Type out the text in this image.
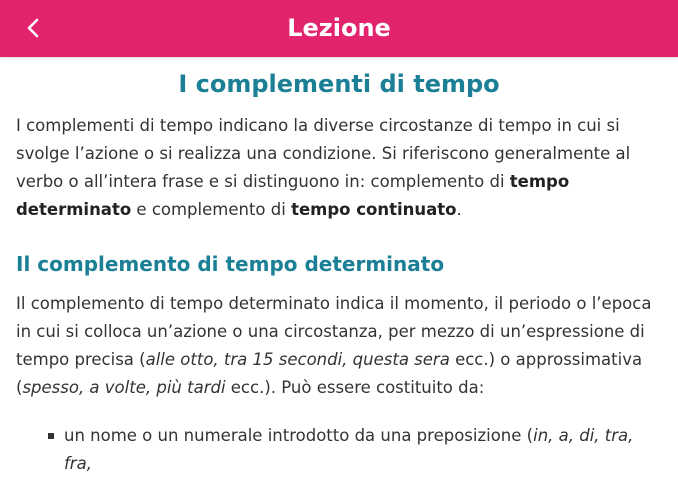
Lezione
I complementi di tempo

I complementi di tempo indicano la diverse circostanze di tempo in cui si svolge l’azione o si realizza una condizione. Si riferiscono generalmente al verbo o all’intera frase e si distinguono in: complemento di tempo determinato e complemento di tempo continuato.

Il complemento di tempo determinato

Il complemento di tempo determinato indica il momento, il periodo o l’epoca in cui si colloca un’azione o una circostanza, per mezzo di un’espressione di tempo precisa (alle otto, tra 15 secondi, questa sera ecc.) o approssimativa (spesso, a volte, più tardi ecc.). Può essere costituito da:

un nome o un numerale introdotto da una preposizione (in, a, di, tra, fra,
